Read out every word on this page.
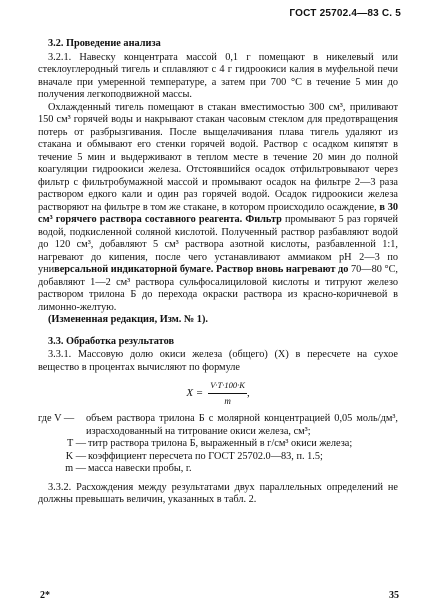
ГОСТ 25702.4—83 С. 5
3.2. Проведение анализа

3.2.1. Навеску концентрата массой 0,1 г помещают в никелевый или стеклоуглеродный тигель и сплавляют с 4 г гидроокиси калия в муфельной печи вначале при умеренной температуре, а затем при 700 °С в течение 5 мин до получения легкоподвижной массы.

Охлажденный тигель помещают в стакан вместимостью 300 см³, приливают 150 см³ горячей воды и накрывают стакан часовым стеклом для предотвращения потерь от разбрызгивания. После выщелачивания плава тигель удаляют из стакана и обмывают его стенки горячей водой. Раствор с осадком кипятят в течение 5 мин и выдерживают в теплом месте в течение 20 мин до полной коагуляции гидроокиси железа. Отстоявшийся осадок отфильтровывают через фильтр с фильтробумажной массой и промывают осадок на фильтре 2—3 раза раствором едкого кали и один раз горячей водой. Осадок гидроокиси железа растворяют на фильтре в том же стакане, в котором происходило осаждение, в 30 см³ горячего раствора составного реагента. Фильтр промывают 5 раз горячей водой, подкисленной соляной кислотой. Полученный раствор разбавляют водой до 120 см³, добавляют 5 см³ раствора азотной кислоты, разбавленной 1:1, нагревают до кипения, после чего устанавливают аммиаком pH 2—3 по универсальной индикаторной бумаге. Раствор вновь нагревают до 70—80 °С, добавляют 1—2 см³ раствора сульфосалициловой кислоты и титруют железо раствором трилона Б до перехода окраски раствора из красно-коричневой в лимонно-желтую.

(Измененная редакция, Изм. № 1).

3.3. Обработка результатов

3.3.1. Массовую долю окиси железа (общего) (X) в пересчете на сухое вещество в процентах вычисляют по формуле

$X = \frac{V\cdot T\cdot 100\cdot K}{m}$ ,
где V —	объем раствора трилона Б с молярной концентрацией 0,05 моль/дм³, израсходованный на титрование окиси железа, см³;
T — титр раствора трилона Б, выраженный в г/см³ окиси железа;
K — коэффициент пересчета по ГОСТ 25702.0—83, п. 1.5;
m — масса навески пробы, г.

3.3.2. Расхождения между результатами двух параллельных определений не должны превышать величин, указанных в табл. 2.

2*	35
